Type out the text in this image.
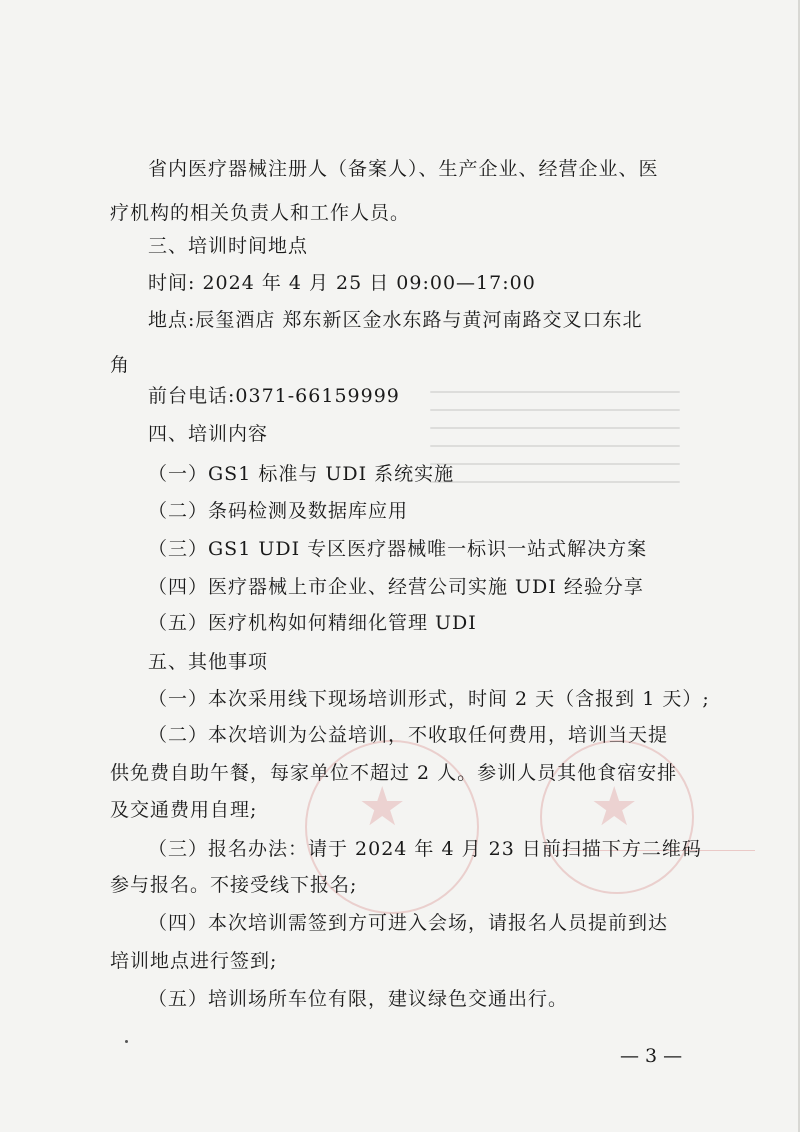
★	★
省内医疗器械注册人（备案人）、生产企业、经营企业、医
疗机构的相关负责人和工作人员。
三、培训时间地点
时间: 2024 年 4 月 25 日 09:00—17:00
地点:辰玺酒店 郑东新区金水东路与黄河南路交叉口东北
角
前台电话:0371-66159999
四、培训内容
（一）GS1 标准与 UDI 系统实施
（二）条码检测及数据库应用
（三）GS1 UDI 专区医疗器械唯一标识一站式解决方案
（四）医疗器械上市企业、经营公司实施 UDI 经验分享
（五）医疗机构如何精细化管理 UDI
五、其他事项
（一）本次采用线下现场培训形式，时间 2 天（含报到 1 天）;
（二）本次培训为公益培训，不收取任何费用，培训当天提
供免费自助午餐，每家单位不超过 2 人。参训人员其他食宿安排
及交通费用自理;
（三）报名办法：请于 2024 年 4 月 23 日前扫描下方二维码
参与报名。不接受线下报名;
（四）本次培训需签到方可进入会场，请报名人员提前到达
培训地点进行签到;
（五）培训场所车位有限，建议绿色交通出行。
— 3 —
